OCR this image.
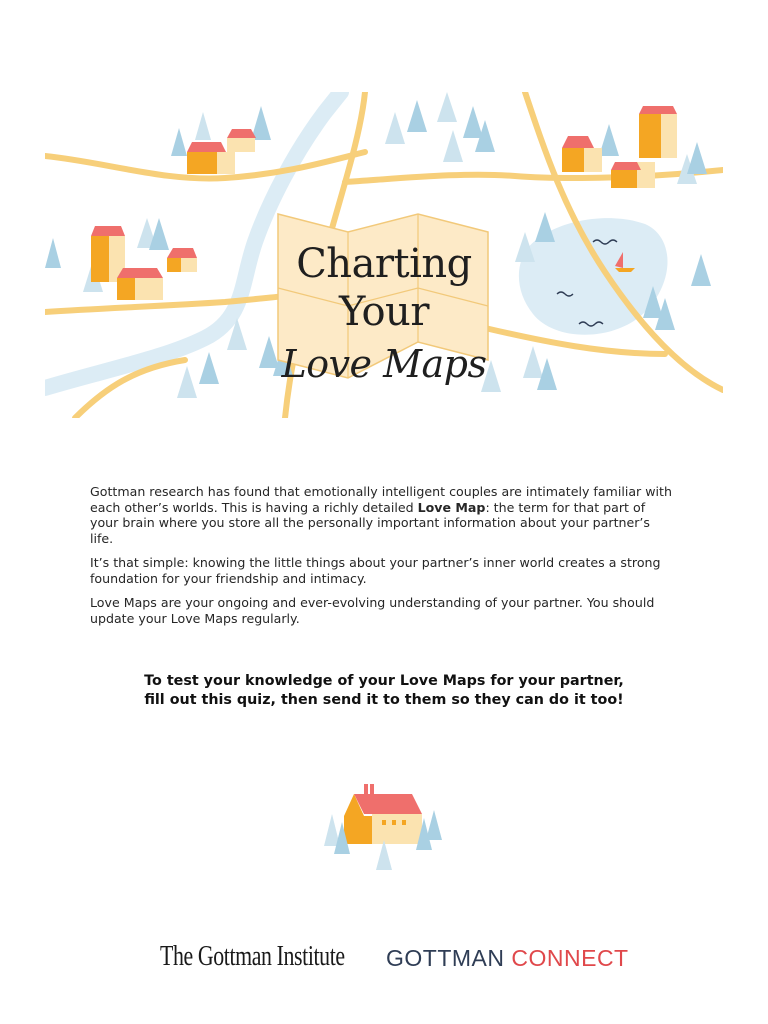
Charting Your
Love Maps

Gottman research has found that emotionally intelligent couples are intimately familiar with each other’s worlds. This is having a richly detailed Love Map: the term for that part of your brain where you store all the personally important information about your partner’s life.

It’s that simple: knowing the little things about your partner’s inner world creates a strong foundation for your friendship and intimacy.

Love Maps are your ongoing and ever-evolving understanding of your partner. You should update your Love Maps regularly.

To test your knowledge of your Love Maps for your partner,
fill out this quiz, then send it to them so they can do it too!
The Gottman Institute GOTTMAN CONNECT
